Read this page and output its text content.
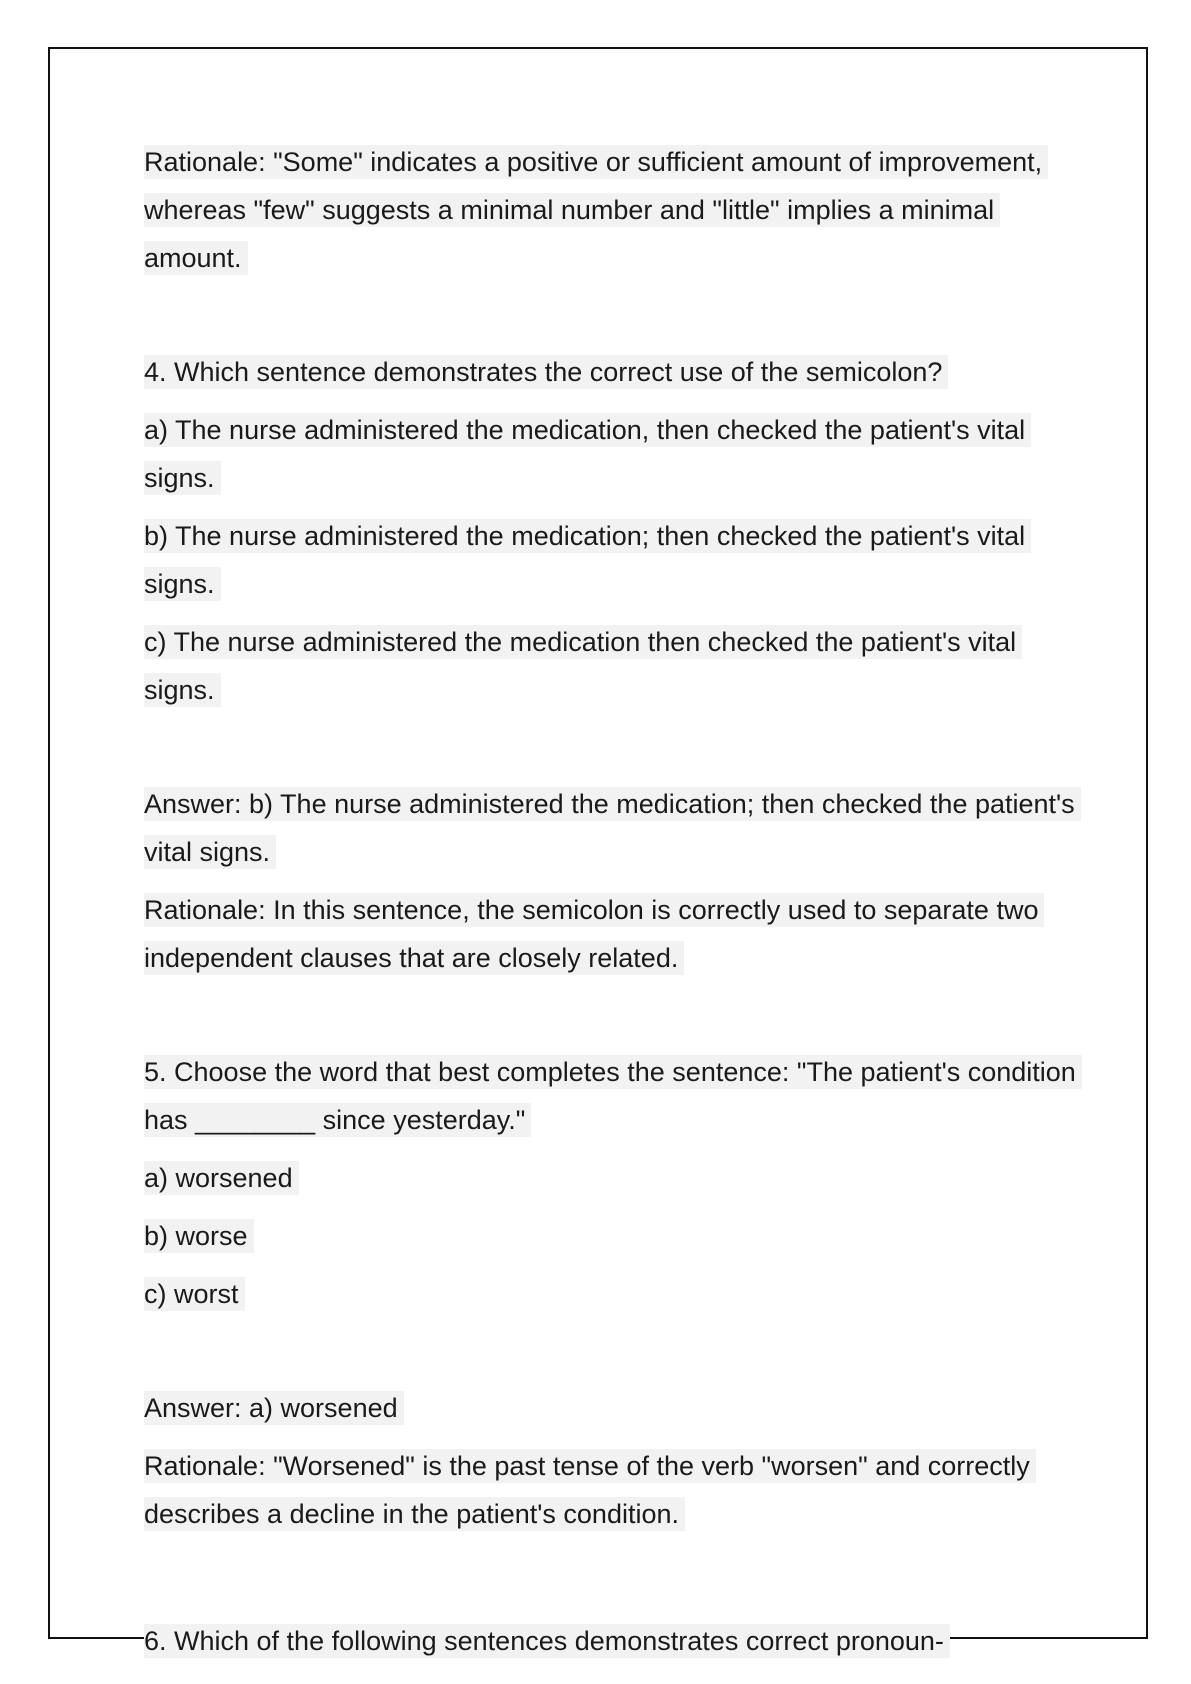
Rationale: "Some" indicates a positive or sufficient amount of improvement, whereas "few" suggests a minimal number and "little" implies a minimal amount.

4. Which sentence demonstrates the correct use of the semicolon?

a) The nurse administered the medication, then checked the patient's vital signs.

b) The nurse administered the medication; then checked the patient's vital signs.

c) The nurse administered the medication then checked the patient's vital signs.

Answer: b) The nurse administered the medication; then checked the patient's vital signs.

Rationale: In this sentence, the semicolon is correctly used to separate two independent clauses that are closely related.

5. Choose the word that best completes the sentence: "The patient's condition has ________ since yesterday."

a) worsened

b) worse

c) worst

Answer: a) worsened

Rationale: "Worsened" is the past tense of the verb "worsen" and correctly describes a decline in the patient's condition.

6. Which of the following sentences demonstrates correct pronoun-
